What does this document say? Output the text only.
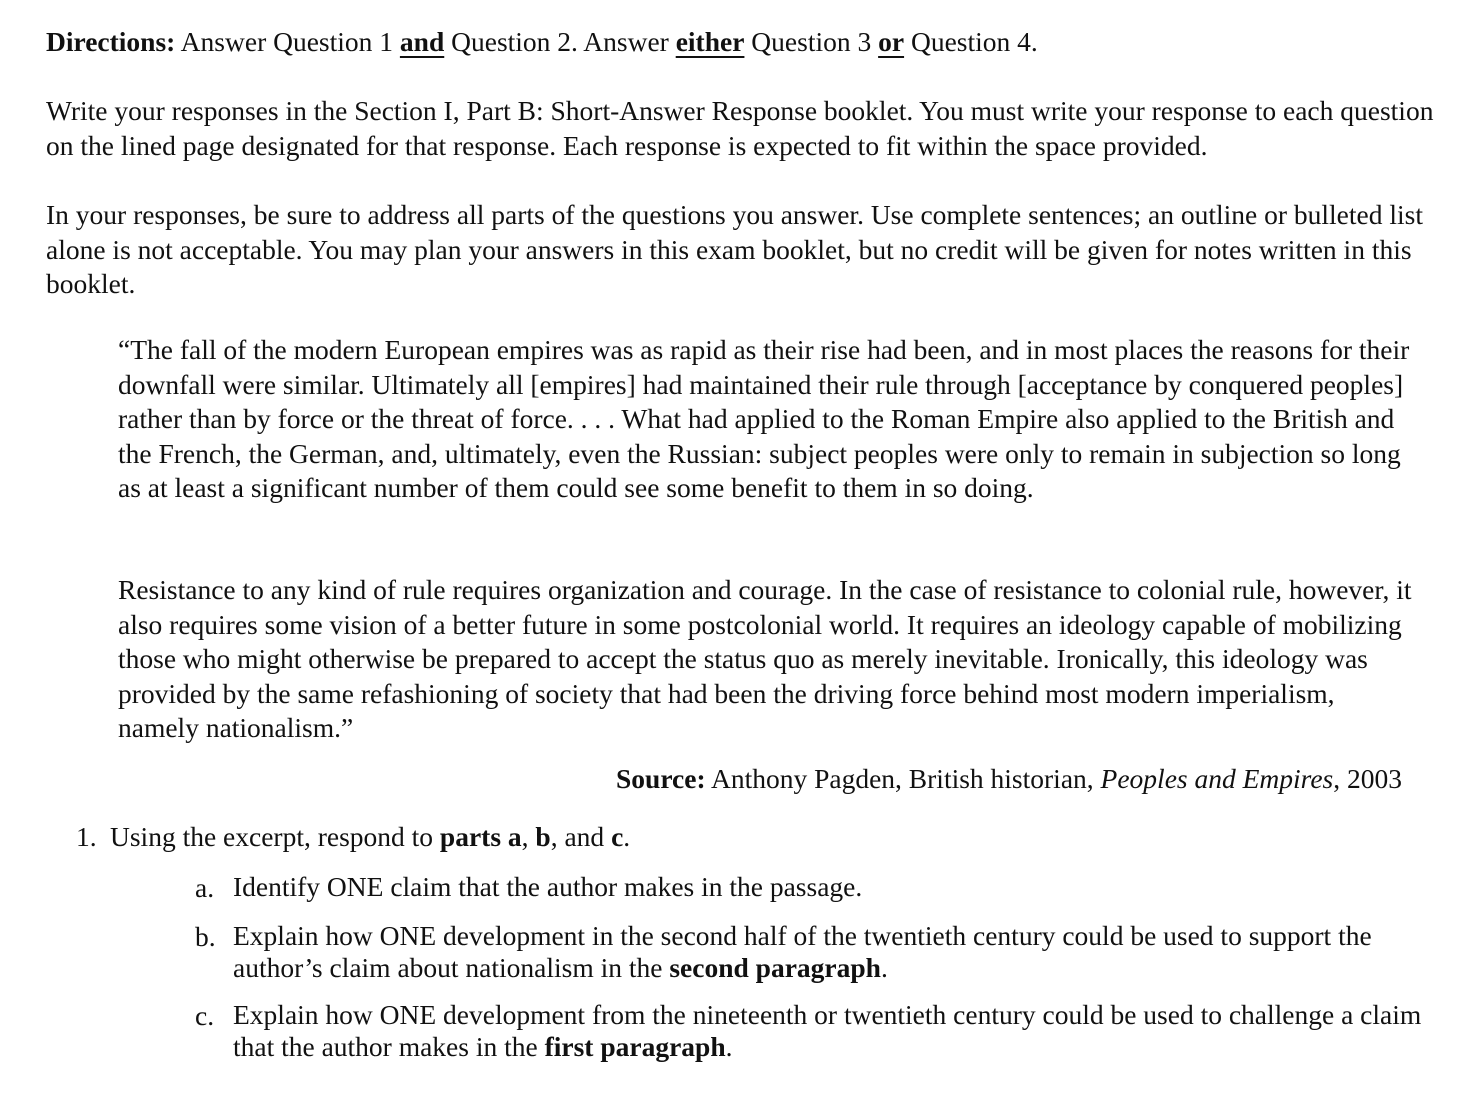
Directions: Answer Question 1 and Question 2. Answer either Question 3 or Question 4.
Write your responses in the Section I, Part B: Short-Answer Response booklet. You must write your response to each question on the lined page designated for that response. Each response is expected to fit within the space provided.
In your responses, be sure to address all parts of the questions you answer. Use complete sentences; an outline or bulleted list alone is not acceptable. You may plan your answers in this exam booklet, but no credit will be given for notes written in this booklet.
“The fall of the modern European empires was as rapid as their rise had been, and in most places the reasons for their downfall were similar. Ultimately all [empires] had maintained their rule through [acceptance by conquered peoples] rather than by force or the threat of force. . . . What had applied to the Roman Empire also applied to the British and the French, the German, and, ultimately, even the Russian: subject peoples were only to remain in subjection so long as at least a significant number of them could see some benefit to them in so doing.
Resistance to any kind of rule requires organization and courage. In the case of resistance to colonial rule, however, it also requires some vision of a better future in some postcolonial world. It requires an ideology capable of mobilizing those who might otherwise be prepared to accept the status quo as merely inevitable. Ironically, this ideology was provided by the same refashioning of society that had been the driving force behind most modern imperialism, namely nationalism.”
Source: Anthony Pagden, British historian, Peoples and Empires, 2003
1. Using the excerpt, respond to parts a, b, and c.
a. Identify ONE claim that the author makes in the passage.
b. Explain how ONE development in the second half of the twentieth century could be used to support the author’s claim about nationalism in the second paragraph.
c. Explain how ONE development from the nineteenth or twentieth century could be used to challenge a claim that the author makes in the first paragraph.
